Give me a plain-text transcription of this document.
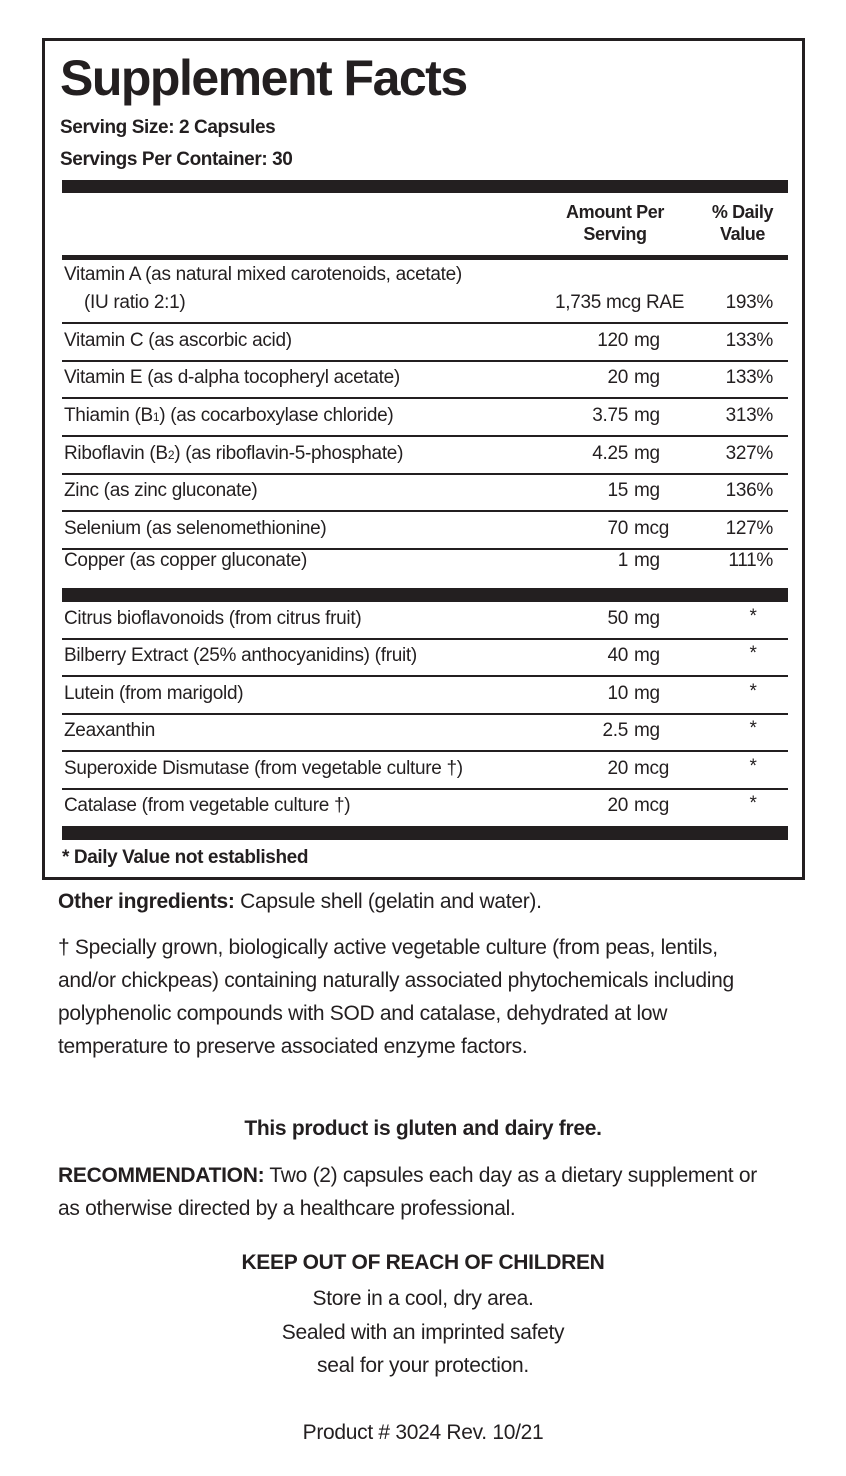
Supplement Facts
Serving Size: 2 Capsules
Servings Per Container: 30
Amount Per
Serving
% Daily
Value
Vitamin A (as natural mixed carotenoids, acetate)
(IU ratio 2:1)	1,735 mcg RAE 193%
Vitamin C (as ascorbic acid)	120 mg	133%
Vitamin E (as d-alpha tocopheryl acetate)	20 mg	133%
Thiamin (B1) (as cocarboxylase chloride)	3.75 mg	313%
Riboflavin (B2) (as riboflavin-5-phosphate)	4.25 mg	327%
Zinc (as zinc gluconate)	15 mg	136%
Selenium (as selenomethionine)	70 mcg	127%
Copper (as copper gluconate)	1 mg	111%
Citrus bioflavonoids (from citrus fruit)	50 mg	*
Bilberry Extract (25% anthocyanidins) (fruit)	40 mg	*
Lutein (from marigold)	10 mg	*
Zeaxanthin	2.5 mg	*
Superoxide Dismutase (from vegetable culture †)	20 mcg	*
Catalase (from vegetable culture †)	20 mcg	*
* Daily Value not established
Other ingredients: Capsule shell (gelatin and water).
† Specially grown, biologically active vegetable culture (from peas, lentils, and/or chickpeas) containing naturally associated phytochemicals including polyphenolic compounds with SOD and catalase, dehydrated at low temperature to preserve associated enzyme factors.
This product is gluten and dairy free.
RECOMMENDATION: Two (2) capsules each day as a dietary supplement or as otherwise directed by a healthcare professional.
KEEP OUT OF REACH OF CHILDREN
Store in a cool, dry area.
Sealed with an imprinted safety
seal for your protection.
Product # 3024 Rev. 10/21
